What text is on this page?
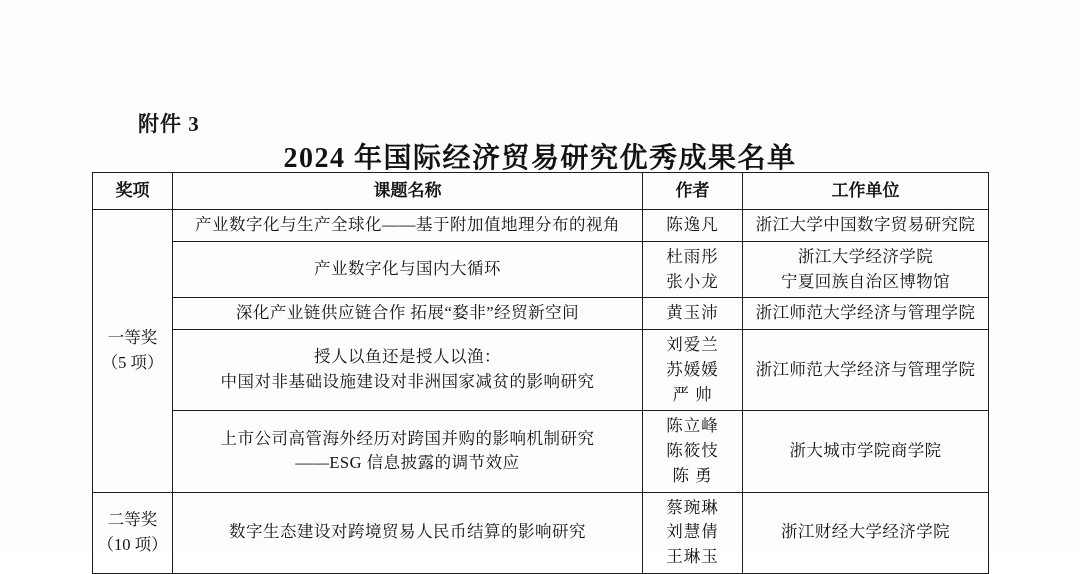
附件 3
2024 年国际经济贸易研究优秀成果名单
奖项	课题名称	作者	工作单位

一等奖
（5 项）	产业数字化与生产全球化——基于附加值地理分布的视角	陈逸凡	浙江大学中国数字贸易研究院

	产业数字化与国内大循环	杜雨彤
张小龙	浙江大学经济学院
宁夏回族自治区博物馆

	深化产业链供应链合作 拓展“婺非”经贸新空间	黄玉沛	浙江师范大学经济与管理学院

	授人以鱼还是授人以渔：
中国对非基础设施建设对非洲国家减贫的影响研究	刘爱兰
苏媛媛
严 帅	浙江师范大学经济与管理学院

	上市公司高管海外经历对跨国并购的影响机制研究
——ESG 信息披露的调节效应	陈立峰
陈筱忮
陈 勇	浙大城市学院商学院

二等奖
（10 项）	数字生态建设对跨境贸易人民币结算的影响研究	蔡琬琳
刘慧倩
王琳玉	浙江财经大学经济学院
